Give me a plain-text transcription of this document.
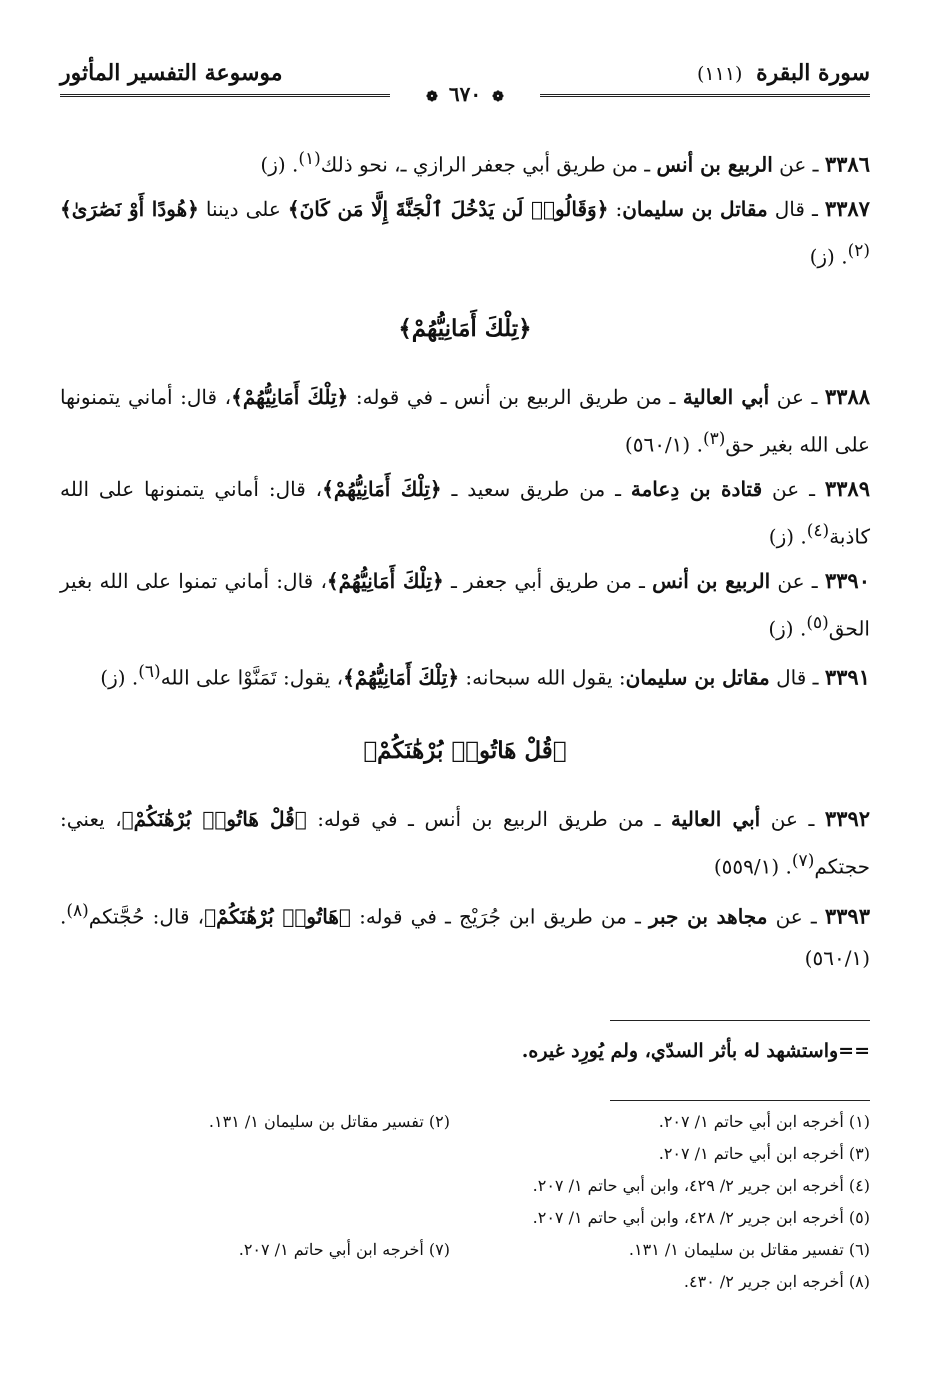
سورة البقرة (١١١)
موسوعة التفسير المأثور
❁ ٦٧٠ ❁

٣٣٨٦ ـ عن الربيع بن أنس ـ من طريق أبي جعفر الرازي ـ، نحو ذلك$^{(١)}$. (ز)

٣٣٨٧ ـ قال مقاتل بن سليمان: ﴿وَقَالُوا۟ لَن يَدْخُلَ ٱلْجَنَّةَ إِلَّا مَن كَانَ﴾ على ديننا ﴿هُودًا أَوْ نَصَٰرَىٰ﴾$^{(٢)}$. (ز)

﴿تِلْكَ أَمَانِيُّهُمْ﴾

٣٣٨٨ ـ عن أبي العالية ـ من طريق الربيع بن أنس ـ في قوله: ﴿تِلْكَ أَمَانِيُّهُمْ﴾، قال: أماني يتمنونها على الله بغير حق$^{(٣)}$. (٥٦٠/١)

٣٣٨٩ ـ عن قتادة بن دِعامة ـ من طريق سعيد ـ ﴿تِلْكَ أَمَانِيُّهُمْ﴾، قال: أماني يتمنونها على الله كاذبة$^{(٤)}$. (ز)

٣٣٩٠ ـ عن الربيع بن أنس ـ من طريق أبي جعفر ـ ﴿تِلْكَ أَمَانِيُّهُمْ﴾، قال: أماني تمنوا على الله بغير الحق$^{(٥)}$. (ز)

٣٣٩١ ـ قال مقاتل بن سليمان: يقول الله سبحانه: ﴿تِلْكَ أَمَانِيُّهُمْ﴾، يقول: تَمَنَّوْا على الله$^{(٦)}$. (ز)

﴿قُلْ هَاتُوا۟ بُرْهَٰنَكُمْ﴾

٣٣٩٢ ـ عن أبي العالية ـ من طريق الربيع بن أنس ـ في قوله: ﴿قُلْ هَاتُوا۟ بُرْهَٰنَكُمْ﴾، يعني: حجتكم$^{(٧)}$. (٥٥٩/١)

٣٣٩٣ ـ عن مجاهد بن جبر ـ من طريق ابن جُرَيْج ـ في قوله: ﴿هَاتُوا۟ بُرْهَٰنَكُمْ﴾، قال: حُجَّتكم$^{(٨)}$. (٥٦٠/١)

==واستشهد له بأثر السدّي، ولم يُورِد غيره.
(١) أخرجه ابن أبي حاتم ١/ ٢٠٧.
(٢) تفسير مقاتل بن سليمان ١/ ١٣١.
(٣) أخرجه ابن أبي حاتم ١/ ٢٠٧.
(٤) أخرجه ابن جرير ٢/ ٤٢٩، وابن أبي حاتم ١/ ٢٠٧.
(٥) أخرجه ابن جرير ٢/ ٤٢٨، وابن أبي حاتم ١/ ٢٠٧.
(٦) تفسير مقاتل بن سليمان ١/ ١٣١.
(٧) أخرجه ابن أبي حاتم ١/ ٢٠٧.
(٨) أخرجه ابن جرير ٢/ ٤٣٠.
